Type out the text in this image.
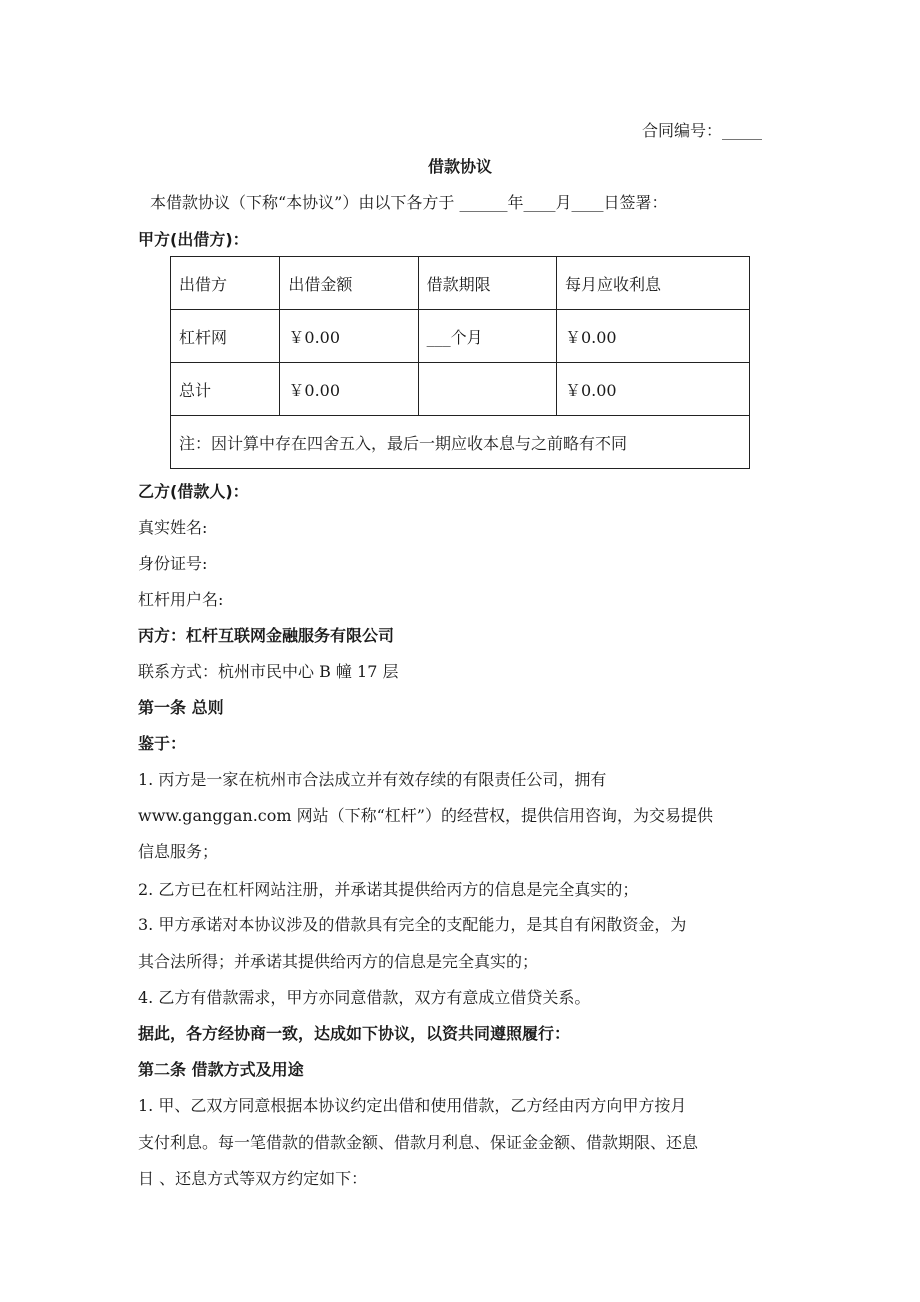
合同编号：_____
借款协议
本借款协议（下称“本协议”）由以下各方于 ______年____月____日签署：
甲方(出借方)：
出借方	出借金额	借款期限	每月应收利息
杠杆网	￥0.00	___个月	￥0.00
总计	￥0.00		￥0.00
注：因计算中存在四舍五入，最后一期应收本息与之前略有不同			
乙方(借款人)：
真实姓名:
身份证号:
杠杆用户名:
丙方：杠杆互联网金融服务有限公司
联系方式：杭州市民中心 B 幢 17 层
第一条 总则
鉴于：
1. 丙方是一家在杭州市合法成立并有效存续的有限责任公司，拥有
www.ganggan.com 网站（下称“杠杆”）的经营权，提供信用咨询，为交易提供
信息服务；
2. 乙方已在杠杆网站注册，并承诺其提供给丙方的信息是完全真实的；
3. 甲方承诺对本协议涉及的借款具有完全的支配能力，是其自有闲散资金，为
其合法所得；并承诺其提供给丙方的信息是完全真实的；
4. 乙方有借款需求，甲方亦同意借款，双方有意成立借贷关系。
据此，各方经协商一致，达成如下协议，以资共同遵照履行：
第二条 借款方式及用途
1. 甲、乙双方同意根据本协议约定出借和使用借款，乙方经由丙方向甲方按月
支付利息。每一笔借款的借款金额、借款月利息、保证金金额、借款期限、还息
日 、还息方式等双方约定如下：
